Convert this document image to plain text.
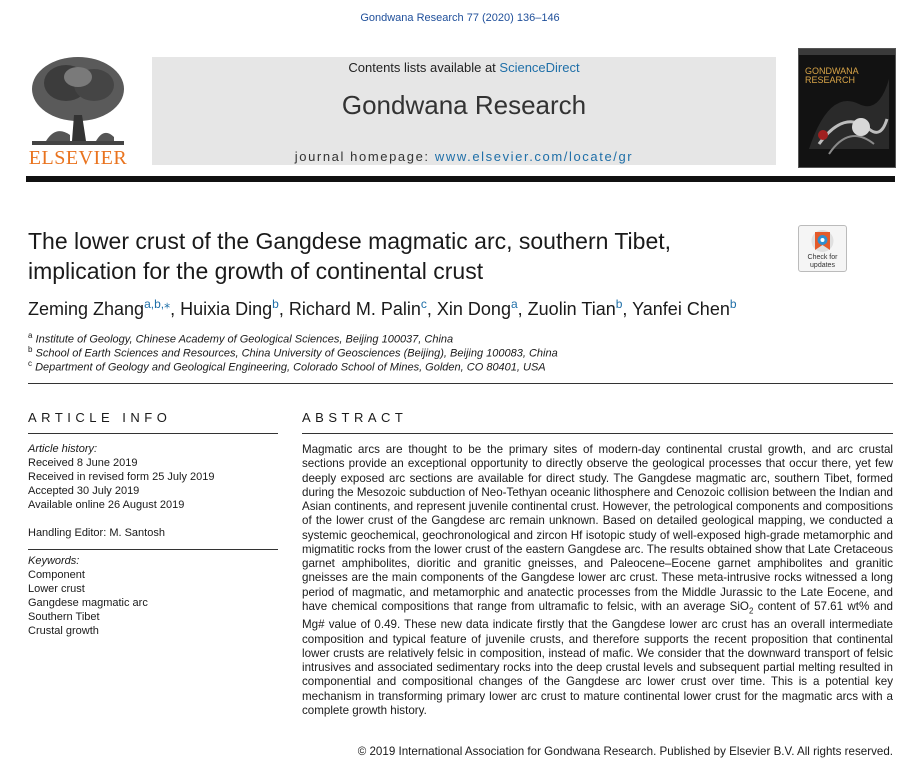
Gondwana Research 77 (2020) 136–146
ELSEVIER
Contents lists available at ScienceDirect
Gondwana Research
journal homepage: www.elsevier.com/locate/gr
GONDWANA RESEARCH
The lower crust of the Gangdese magmatic arc, southern Tibet,
implication for the growth of continental crust
Check for updates
Zeming Zhang$^{a,b,⁎}$, Huixia Ding$^b$, Richard M. Palin$^c$, Xin Dong$^a$, Zuolin Tian$^b$, Yanfei Chen$^b$
$^a$ Institute of Geology, Chinese Academy of Geological Sciences, Beijing 100037, China
$^b$ School of Earth Sciences and Resources, China University of Geosciences (Beijing), Beijing 100083, China
$^c$ Department of Geology and Geological Engineering, Colorado School of Mines, Golden, CO 80401, USA
ARTICLE INFO
Article history:
Received 8 June 2019
Received in revised form 25 July 2019
Accepted 30 July 2019
Available online 26 August 2019
Handling Editor: M. Santosh
Keywords:
Component
Lower crust
Gangdese magmatic arc
Southern Tibet
Crustal growth
ABSTRACT
Magmatic arcs are thought to be the primary sites of modern-day continental crustal growth, and arc crustal sections provide an exceptional opportunity to directly observe the geological processes that occur there, yet few deeply exposed arc sections are available for direct study. The Gangdese magmatic arc, southern Tibet, formed during the Mesozoic subduction of Neo-Tethyan oceanic lithosphere and Cenozoic collision between the Indian and Asian continents, and represent juvenile continental crust. However, the petrological components and compositions of the lower crust of the Gangdese arc remain unknown. Based on detailed geological mapping, we conducted a systemic geochemical, geochronological and zircon Hf isotopic study of well-exposed high-grade metamorphic and migmatitic rocks from the lower crust of the eastern Gangdese arc. The results obtained show that Late Cretaceous garnet amphibolites, dioritic and granitic gneisses, and Paleocene–Eocene garnet amphibolites and granitic gneisses are the main components of the Gangdese lower arc crust. These meta-intrusive rocks witnessed a long period of magmatic, and metamorphic and anatectic processes from the Middle Jurassic to the Late Eocene, and have chemical compositions that range from ultramafic to felsic, with an average SiO$_2$ content of 57.61 wt% and Mg# value of 0.49. These new data indicate firstly that the Gangdese lower arc crust has an overall intermediate composition and typical feature of juvenile crusts, and therefore supports the recent proposition that continental lower crusts are relatively felsic in composition, instead of mafic. We consider that the downward transport of felsic intrusives and associated sedimentary rocks into the deep crustal levels and subsequent partial melting resulted in componential and compositional changes of the Gangdese arc lower crust over time. This is a potential key mechanism in transforming primary lower arc crust to mature continental lower crust for the magmatic arcs with a complete growth history.
© 2019 International Association for Gondwana Research. Published by Elsevier B.V. All rights reserved.
